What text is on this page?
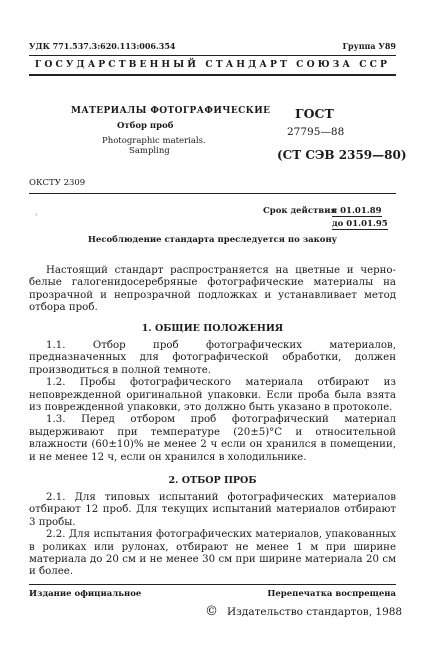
УДК 771.537.3:620.113:006.354	Группа У89
ГОСУДАРСТВЕННЫЙ СТАНДАРТ СОЮЗА ССР
МАТЕРИАЛЫ ФОТОГРАФИЧЕСКИЕ
Отбор проб
Photographic materials.
Sampling
ГОСТ
27795—88
(СТ СЭВ 2359—80)
ОКСТУ 2309
ˈ
Срок действия
с 01.01.89
до 01.01.95
Несоблюдение стандарта преследуется по закону

Настоящий стандарт распространяется на цветные и черно-белые галогенидосеребряные фотографические материалы на прозрачной и непрозрачной подложках и устанавливает метод отбора проб.

1. ОБЩИЕ ПОЛОЖЕНИЯ

1.1. Отбор проб фотографических материалов, предназначенных для фотографической обработки, должен производиться в полной темноте.

1.2. Пробы фотографического материала отбирают из неповрежденной оригинальной упаковки. Если проба была взята из поврежденной упаковки, это должно быть указано в протоколе.

1.3. Перед отбором проб фотографический материал выдерживают при температуре (20±5)°С и относительной влажности (60±10)% не менее 2 ч если он хранился в помещении, и не менее 12 ч, если он хранился в холодильнике.

2. ОТБОР ПРОБ

2.1. Для типовых испытаний фотографических материалов отбирают 12 проб. Для текущих испытаний материалов отбирают 3 пробы.

2.2. Для испытания фотографических материалов, упакованных в роликах или рулонах, отбирают не менее 1 м при ширине материала до 20 см и не менее 30 см при ширине материала 20 см и более.

Издание официальное	Перепечатка воспрещена
© Издательство стандартов, 1988
